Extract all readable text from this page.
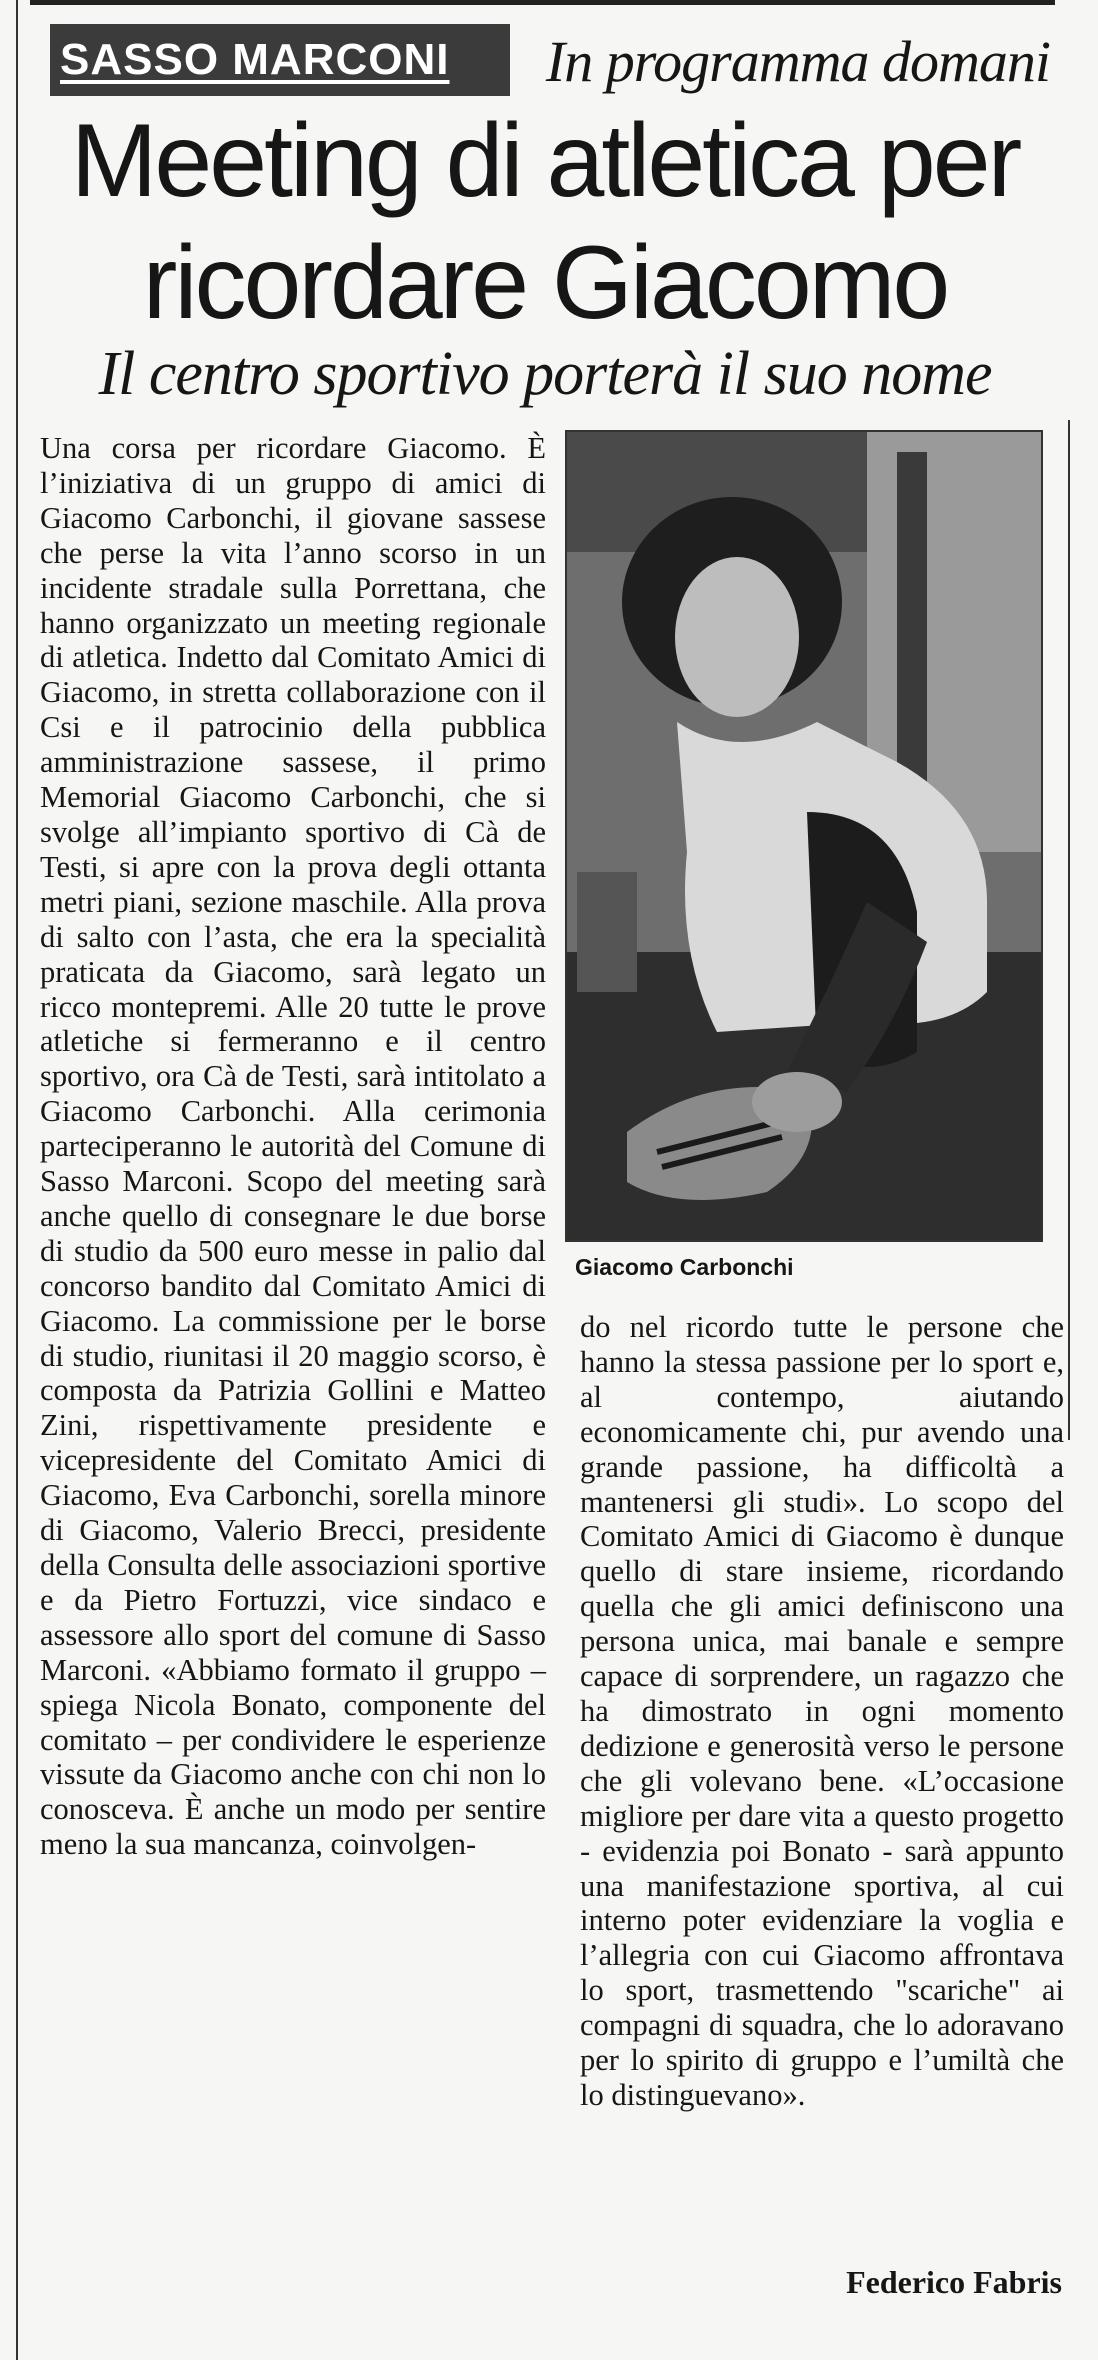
SASSO MARCONI	In programma domani
Meeting di atletica per ricordare Giacomo
Il centro sportivo porterà il suo nome

Una corsa per ricordare Giacomo. È l’iniziativa di un gruppo di amici di Giacomo Carbonchi, il giovane sassese che perse la vita l’anno scorso in un incidente stradale sulla Porrettana, che hanno organizzato un meeting regionale di atletica. Indetto dal Comitato Amici di Giacomo, in stretta collaborazione con il Csi e il patrocinio della pubblica amministrazione sassese, il primo Memorial Giacomo Carbonchi, che si svolge all’impianto sportivo di Cà de Testi, si apre con la prova degli ottanta metri piani, sezione maschile. Alla prova di salto con l’asta, che era la specialità praticata da Giacomo, sarà legato un ricco montepremi. Alle 20 tutte le prove atletiche si fermeranno e il centro sportivo, ora Cà de Testi, sarà intitolato a Giacomo Carbonchi. Alla cerimonia parteciperanno le autorità del Comune di Sasso Marconi. Scopo del meeting sarà anche quello di consegnare le due borse di studio da 500 euro messe in palio dal concorso bandito dal Comitato Amici di Giacomo. La commissione per le borse di studio, riunitasi il 20 maggio scorso, è composta da Patrizia Gollini e Matteo Zini, rispettivamente presidente e vicepresidente del Comitato Amici di Giacomo, Eva Carbonchi, sorella minore di Giacomo, Valerio Brecci, presidente della Consulta delle associazioni sportive e da Pietro Fortuzzi, vice sindaco e assessore allo sport del comune di Sasso Marconi. «Abbiamo formato il gruppo – spiega Nicola Bonato, componente del comitato – per condividere le esperienze vissute da Giacomo anche con chi non lo conosceva. È anche un modo per sentire meno la sua mancanza, coinvolgen-

Giacomo Carbonchi

do nel ricordo tutte le persone che hanno la stessa passione per lo sport e, al contempo, aiutando economicamente chi, pur avendo una grande passione, ha difficoltà a mantenersi gli studi». Lo scopo del Comitato Amici di Giacomo è dunque quello di stare insieme, ricordando quella che gli amici definiscono una persona unica, mai banale e sempre capace di sorprendere, un ragazzo che ha dimostrato in ogni momento dedizione e generosità verso le persone che gli volevano bene. «L’occasione migliore per dare vita a questo progetto - evidenzia poi Bonato - sarà appunto una manifestazione sportiva, al cui interno poter evidenziare la voglia e l’allegria con cui Giacomo affrontava lo sport, trasmettendo "scariche" ai compagni di squadra, che lo adoravano per lo spirito di gruppo e l’umiltà che lo distinguevano».

Federico Fabris
